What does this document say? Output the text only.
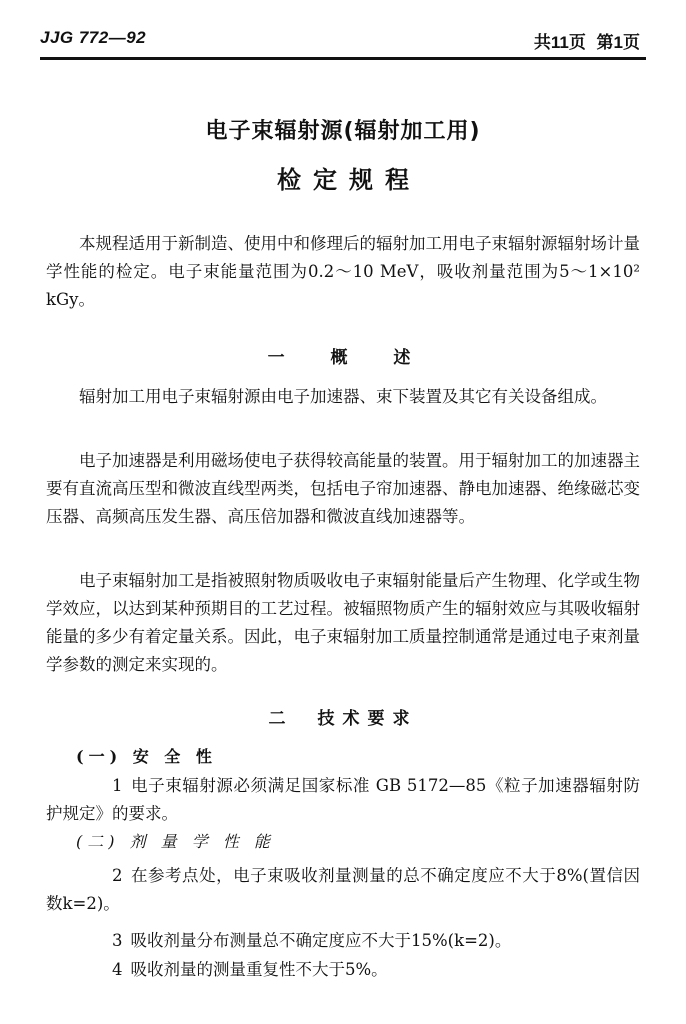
JJG 772—92	共11页 第1页
电子束辐射源(辐射加工用)
检定规程

本规程适用于新制造、使用中和修理后的辐射加工用电子束辐射源辐射场计量学性能的检定。电子束能量范围为0.2～10 MeV，吸收剂量范围为5～1×10² kGy。

一 概 述

辐射加工用电子束辐射源由电子加速器、束下装置及其它有关设备组成。

电子加速器是利用磁场使电子获得较高能量的装置。用于辐射加工的加速器主要有直流高压型和微波直线型两类，包括电子帘加速器、静电加速器、绝缘磁芯变压器、高频高压发生器、高压倍加器和微波直线加速器等。

电子束辐射加工是指被照射物质吸收电子束辐射能量后产生物理、化学或生物学效应，以达到某种预期目的工艺过程。被辐照物质产生的辐射效应与其吸收辐射能量的多少有着定量关系。因此，电子束辐射加工质量控制通常是通过电子束剂量学参数的测定来实现的。

二 技术要求
(一) 安 全 性

1 电子束辐射源必须满足国家标准 GB 5172—85《粒子加速器辐射防护规定》的要求。

(二) 剂 量 学 性 能

2 在参考点处，电子束吸收剂量测量的总不确定度应不大于8%(置信因数k=2)。

3 吸收剂量分布测量总不确定度应不大于15%(k=2)。

4 吸收剂量的测量重复性不大于5%。
